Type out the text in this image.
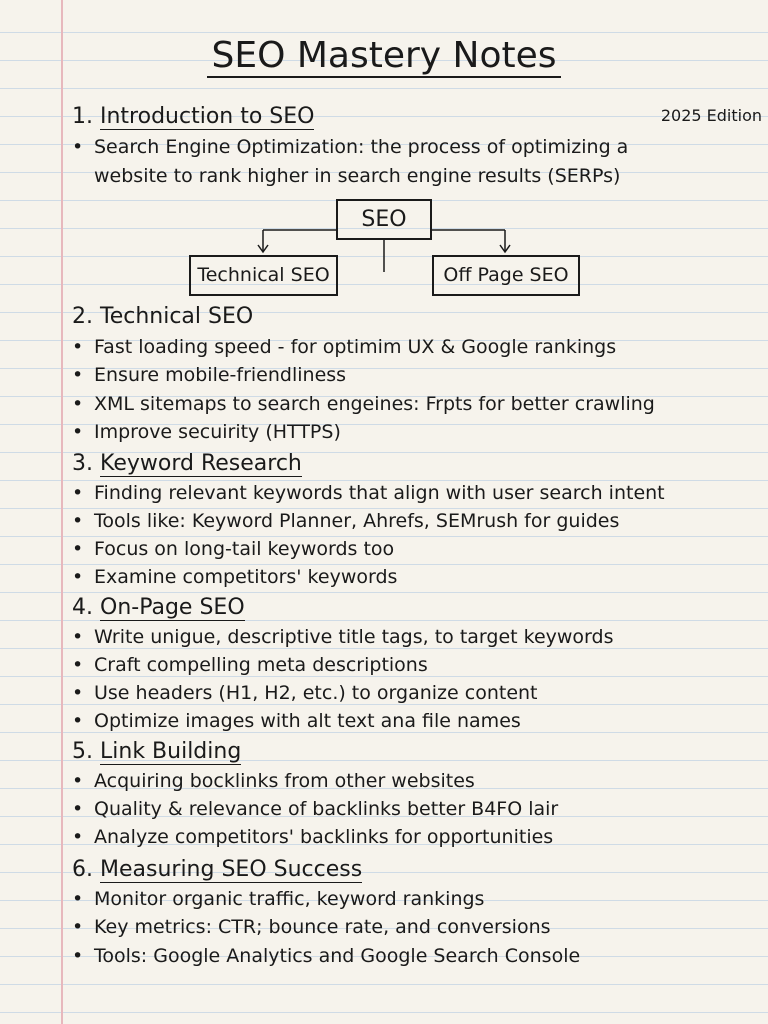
SEO Mastery Notes
2025 Edition
1. Introduction to SEO
• Search Engine Optimization: the process of optimizing a
website to rank higher in search engine results (SERPs)
SEO
Technical SEO	Off Page SEO
2. Technical SEO
• Fast loading speed - for optimim UX & Google rankings
• Ensure mobile-friendliness
• XML sitemaps to search engeines: Frpts for better crawling
• Improve secuirity (HTTPS)
3. Keyword Research
• Finding relevant keywords that align with user search intent
• Tools like: Keyword Planner, Ahrefs, SEMrush for guides
• Focus on long-tail keywords too
• Examine competitors' keywords
4. On-Page SEO
• Write unigue, descriptive title tags, to target keywords
• Craft compelling meta descriptions
• Use headers (H1, H2, etc.) to organize content
• Optimize images with alt text ana file names
5. Link Building
• Acquiring bocklinks from other websites
• Quality & relevance of backlinks better B4FO lair
• Analyze competitors' backlinks for opportunities
6. Measuring SEO Success
• Monitor organic traffic, keyword rankings
• Key metrics: CTR; bounce rate, and conversions
• Tools: Google Analytics and Google Search Console
